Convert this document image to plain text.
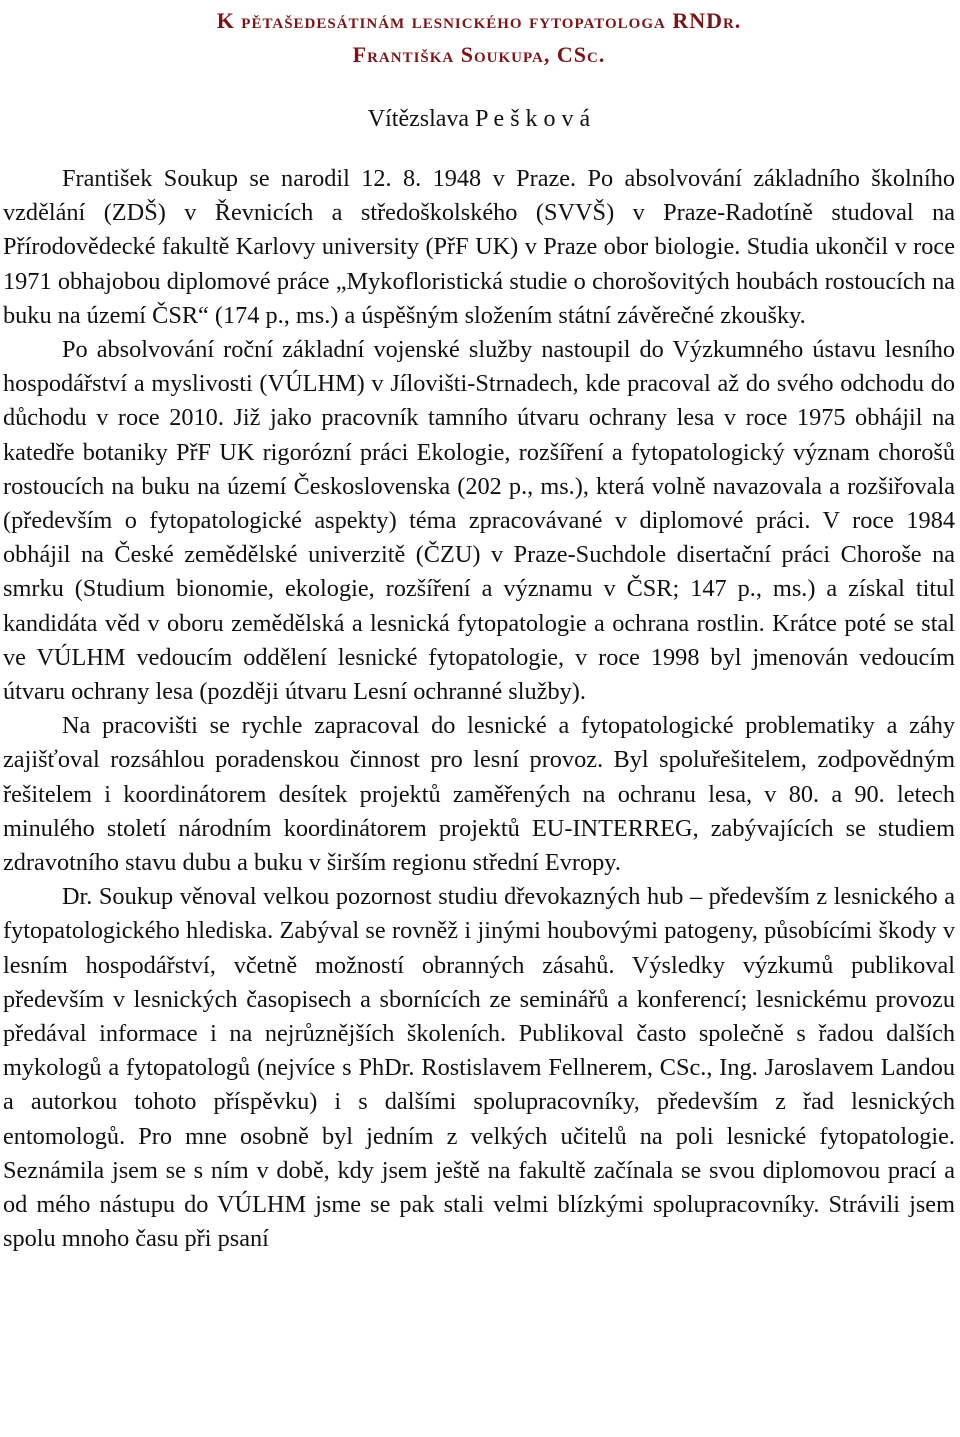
K pětašedesátinám lesnického fytopatologa RNDr.
Františka Soukupa, CSc.

Vítězslava P e š k o v á

František Soukup se narodil 12. 8. 1948 v Praze. Po absolvování základního školního vzdělání (ZDŠ) v Řevnicích a středoškolského (SVVŠ) v Praze-Radotíně studoval na Přírodovědecké fakultě Karlovy university (PřF UK) v Praze obor biologie. Studia ukončil v roce 1971 obhajobou diplomové práce „Mykofloristická studie o chorošovitých houbách rostoucích na buku na území ČSR“ (174 p., ms.) a úspěšným složením státní závěrečné zkoušky.

Po absolvování roční základní vojenské služby nastoupil do Výzkumného ústavu lesního hospodářství a myslivosti (VÚLHM) v Jílovišti-Strnadech, kde pracoval až do svého odchodu do důchodu v roce 2010. Již jako pracovník tamního útvaru ochrany lesa v roce 1975 obhájil na katedře botaniky PřF UK rigorózní práci Ekologie, rozšíření a fytopatologický význam chorošů rostoucích na buku na území Československa (202 p., ms.), která volně navazovala a rozšiřovala (především o fytopatologické aspekty) téma zpracovávané v diplomové práci. V roce 1984 obhájil na České zemědělské univerzitě (ČZU) v Praze-Suchdole disertační práci Choroše na smrku (Studium bionomie, ekologie, rozšíření a významu v ČSR; 147 p., ms.) a získal titul kandidáta věd v oboru zemědělská a lesnická fytopatologie a ochrana rostlin. Krátce poté se stal ve VÚLHM vedoucím oddělení lesnické fytopatologie, v roce 1998 byl jmenován vedoucím útvaru ochrany lesa (později útvaru Lesní ochranné služby).

Na pracovišti se rychle zapracoval do lesnické a fytopatologické problematiky a záhy zajišťoval rozsáhlou poradenskou činnost pro lesní provoz. Byl spoluřešitelem, zodpovědným řešitelem i koordinátorem desítek projektů zaměřených na ochranu lesa, v 80. a 90. letech minulého století národním koordinátorem projektů EU-INTERREG, zabývajících se studiem zdravotního stavu dubu a buku v širším regionu střední Evropy.

Dr. Soukup věnoval velkou pozornost studiu dřevokazných hub – především z lesnického a fytopatologického hlediska. Zabýval se rovněž i jinými houbovými patogeny, působícími škody v lesním hospodářství, včetně možností obranných zásahů. Výsledky výzkumů publikoval především v lesnických časopisech a sbornících ze seminářů a konferencí; lesnickému provozu předával informace i na nejrůznějších školeních. Publikoval často společně s řadou dalších mykologů a fytopatologů (nejvíce s PhDr. Rostislavem Fellnerem, CSc., Ing. Jaroslavem Landou a autorkou tohoto příspěvku) i s dalšími spolupracovníky, především z řad lesnických entomologů. Pro mne osobně byl jedním z velkých učitelů na poli lesnické fytopatologie. Seznámila jsem se s ním v době, kdy jsem ještě na fakultě začínala se svou diplomovou prací a od mého nástupu do VÚLHM jsme se pak stali velmi blízkými spolupracovníky. Strávili jsem spolu mnoho času při psaní
